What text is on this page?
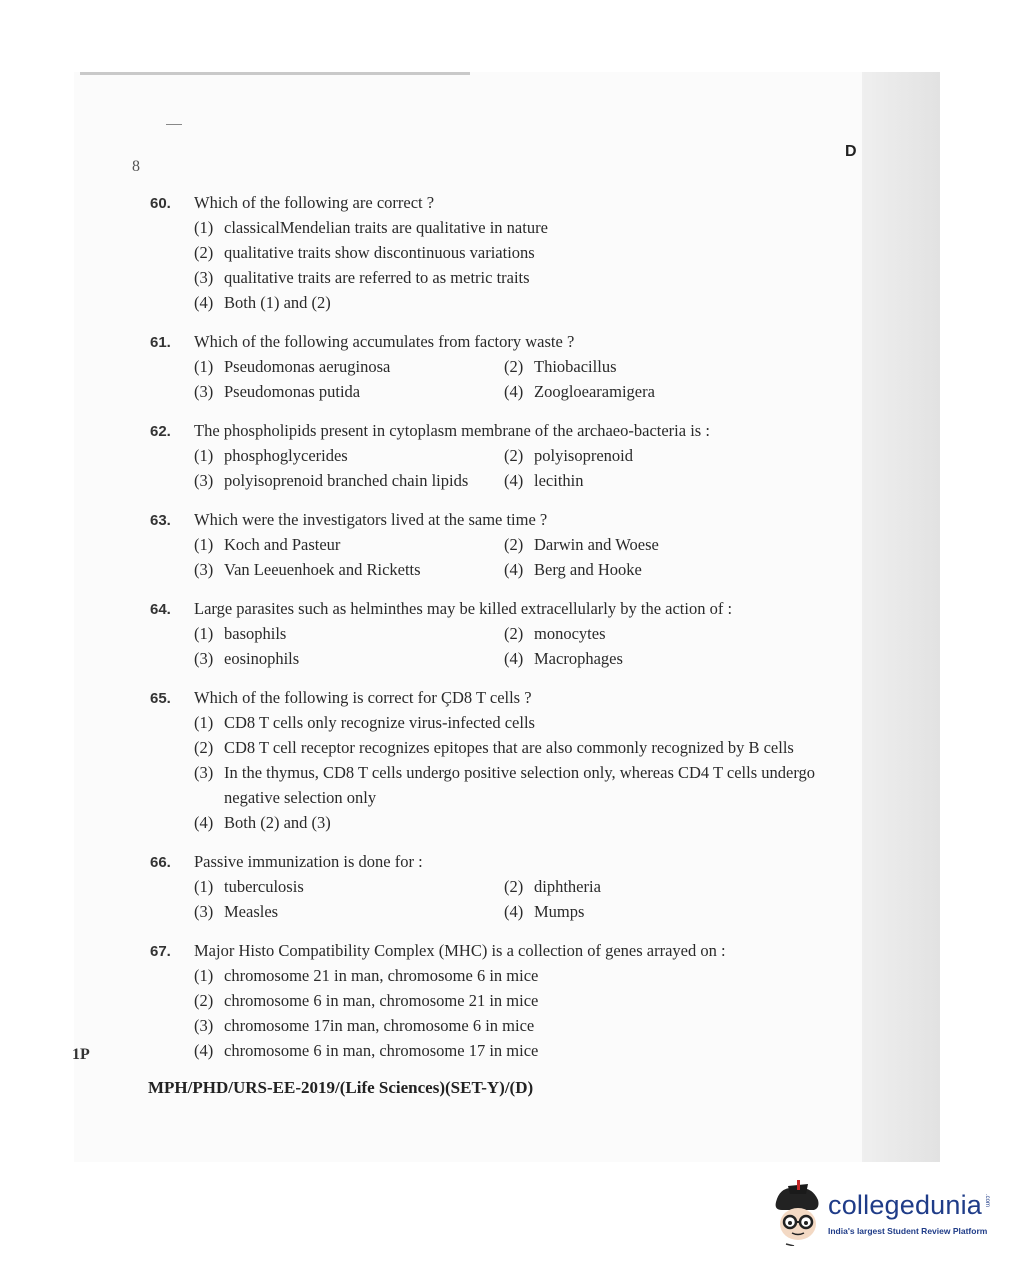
8
D
60. Which of the following are correct ?
(1) classicalMendelian traits are qualitative in nature
(2) qualitative traits show discontinuous variations
(3) qualitative traits are referred to as metric traits
(4) Both (1) and (2)
61. Which of the following accumulates from factory waste ?
(1) Pseudomonas aeruginosa	(2) Thiobacillus
(3) Pseudomonas putida	(4) Zoogloearamigera
62. The phospholipids present in cytoplasm membrane of the archaeo-bacteria is :
(1) phosphoglycerides	(2) polyisoprenoid
(3) polyisoprenoid branched chain lipids	(4) lecithin
63. Which were the investigators lived at the same time ?
(1) Koch and Pasteur	(2) Darwin and Woese
(3) Van Leeuenhoek and Ricketts	(4) Berg and Hooke
64. Large parasites such as helminthes may be killed extracellularly by the action of :
(1) basophils	(2) monocytes
(3) eosinophils	(4) Macrophages
65. Which of the following is correct for ÇD8 T cells ?
(1) CD8 T cells only recognize virus-infected cells
(2) CD8 T cell receptor recognizes epitopes that are also commonly recognized by B cells
(3) In the thymus, CD8 T cells undergo positive selection only, whereas CD4 T cells undergo negative selection only
(4) Both (2) and (3)
66. Passive immunization is done for :
(1) tuberculosis	(2) diphtheria
(3) Measles	(4) Mumps
67. Major Histo Compatibility Complex (MHC) is a collection of genes arrayed on :
(1) chromosome 21 in man, chromosome 6 in mice
(2) chromosome 6 in man, chromosome 21 in mice
(3) chromosome 17in man, chromosome 6 in mice
(4) chromosome 6 in man, chromosome 17 in mice
1P
MPH/PHD/URS-EE-2019/(Life Sciences)(SET-Y)/(D)
collegedunia .com
India's largest Student Review Platform
